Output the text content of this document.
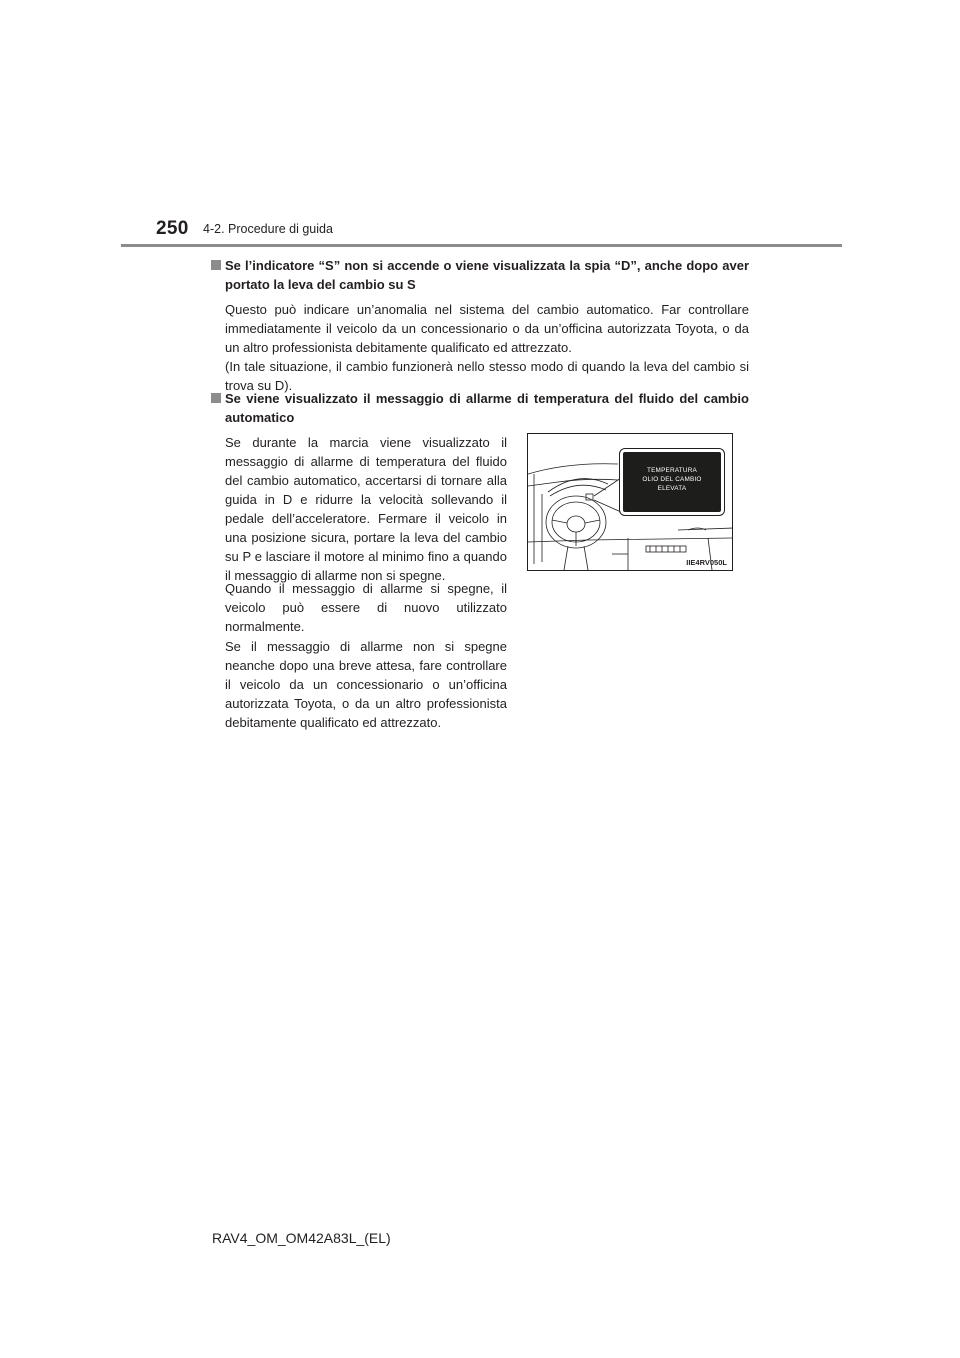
250 4-2. Procedure di guida

Se l’indicatore “S” non si accende o viene visualizzata la spia “D”, anche dopo aver portato la leva del cambio su S

Questo può indicare un’anomalia nel sistema del cambio automatico. Far controllare immediatamente il veicolo da un concessionario o da un’officina autorizzata Toyota, o da un altro professionista debitamente qualificato ed attrezzato.

(In tale situazione, il cambio funzionerà nello stesso modo di quando la leva del cambio si trova su D).

Se viene visualizzato il messaggio di allarme di temperatura del fluido del cambio automatico

Se durante la marcia viene visualizzato il messaggio di allarme di temperatura del fluido del cambio automatico, accertarsi di tornare alla guida in D e ridurre la velocità sollevando il pedale dell’acceleratore. Fermare il veicolo in una posizione sicura, portare la leva del cambio su P e lasciare il motore al minimo fino a quando il messaggio di allarme non si spegne.

Quando il messaggio di allarme si spegne, il veicolo può essere di nuovo utilizzato normalmente.

Se il messaggio di allarme non si spegne neanche dopo una breve attesa, fare controllare il veicolo da un concessionario o un’officina autorizzata Toyota, o da un altro professionista debitamente qualificato ed attrezzato.

TEMPERATURA
OLIO DEL CAMBIO
ELEVATA
IIE4RV050L
RAV4_OM_OM42A83L_(EL)
